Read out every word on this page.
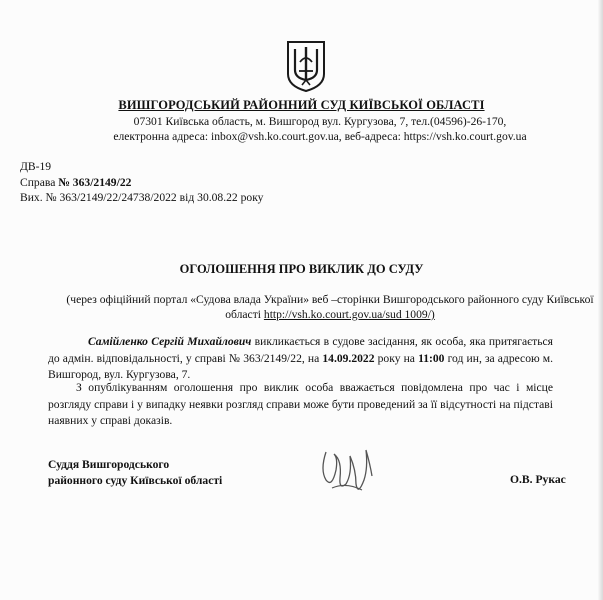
ВИШГОРОДСЬКИЙ РАЙОННИЙ СУД КИЇВСЬКОЇ ОБЛАСТІ
07301 Київська область, м. Вишгород вул. Кургузова, 7, тел.(04596)-26-170,
електронна адреса: inbox@vsh.ko.court.gov.ua, веб-адреса: https://vsh.ko.court.gov.ua
ДВ-19
Справа № 363/2149/22
Вих. № 363/2149/22/24738/2022 від 30.08.22 року
ОГОЛОШЕННЯ ПРО ВИКЛИК ДО СУДУ
(через офіційний портал «Судова влада України» веб –сторінки Вишгородського районного суду Київської області http://vsh.ko.court.gov.ua/sud 1009/)
Самійленко Сергій Михайлович викликається в судове засідання, як особа, яка притягається до адмін. відповідальності, у справі № 363/2149/22, на 14.09.2022 року на 11:00 год ин, за адресою м. Вишгород, вул. Кургузова, 7.
З опублікуванням оголошення про виклик особа вважається повідомлена про час і місце розгляду справи і у випадку неявки розгляд справи може бути проведений за її відсутності на підставі наявних у справі доказів.
Суддя Вишгородського
районного суду Київської області	О.В. Рукас
